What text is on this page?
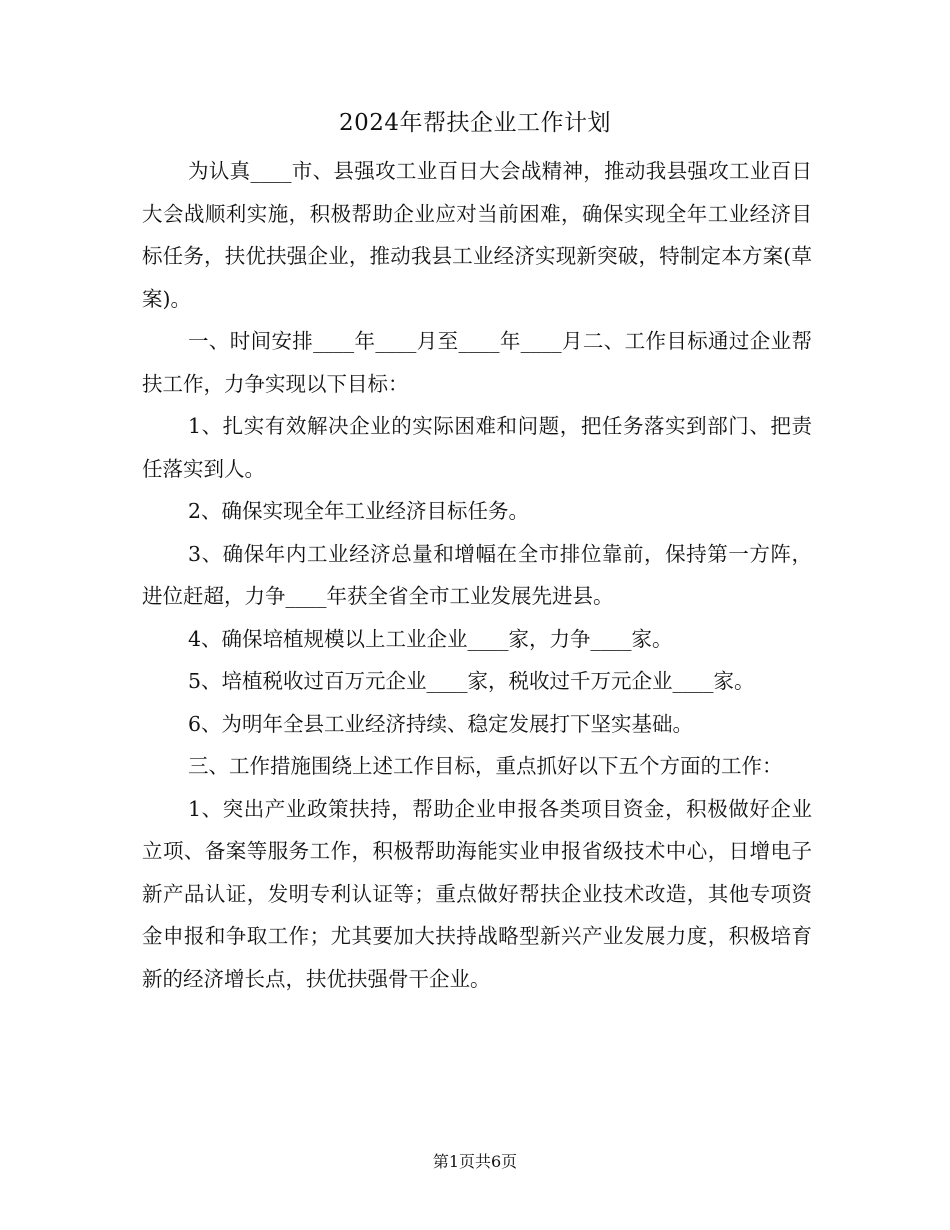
2024年帮扶企业工作计划

为认真____市、县强攻工业百日大会战精神，推动我县强攻工业百日大会战顺利实施，积极帮助企业应对当前困难，确保实现全年工业经济目标任务，扶优扶强企业，推动我县工业经济实现新突破，特制定本方案(草案)。

一、时间安排____年____月至____年____月二、工作目标通过企业帮扶工作，力争实现以下目标：

1、扎实有效解决企业的实际困难和问题，把任务落实到部门、把责任落实到人。

2、确保实现全年工业经济目标任务。

3、确保年内工业经济总量和增幅在全市排位靠前，保持第一方阵，进位赶超，力争____年获全省全市工业发展先进县。

4、确保培植规模以上工业企业____家，力争____家。

5、培植税收过百万元企业____家，税收过千万元企业____家。

6、为明年全县工业经济持续、稳定发展打下坚实基础。

三、工作措施围绕上述工作目标，重点抓好以下五个方面的工作：

1、突出产业政策扶持，帮助企业申报各类项目资金，积极做好企业立项、备案等服务工作，积极帮助海能实业申报省级技术中心，日增电子新产品认证，发明专利认证等；重点做好帮扶企业技术改造，其他专项资金申报和争取工作；尤其要加大扶持战略型新兴产业发展力度，积极培育新的经济增长点，扶优扶强骨干企业。

第1页共6页
